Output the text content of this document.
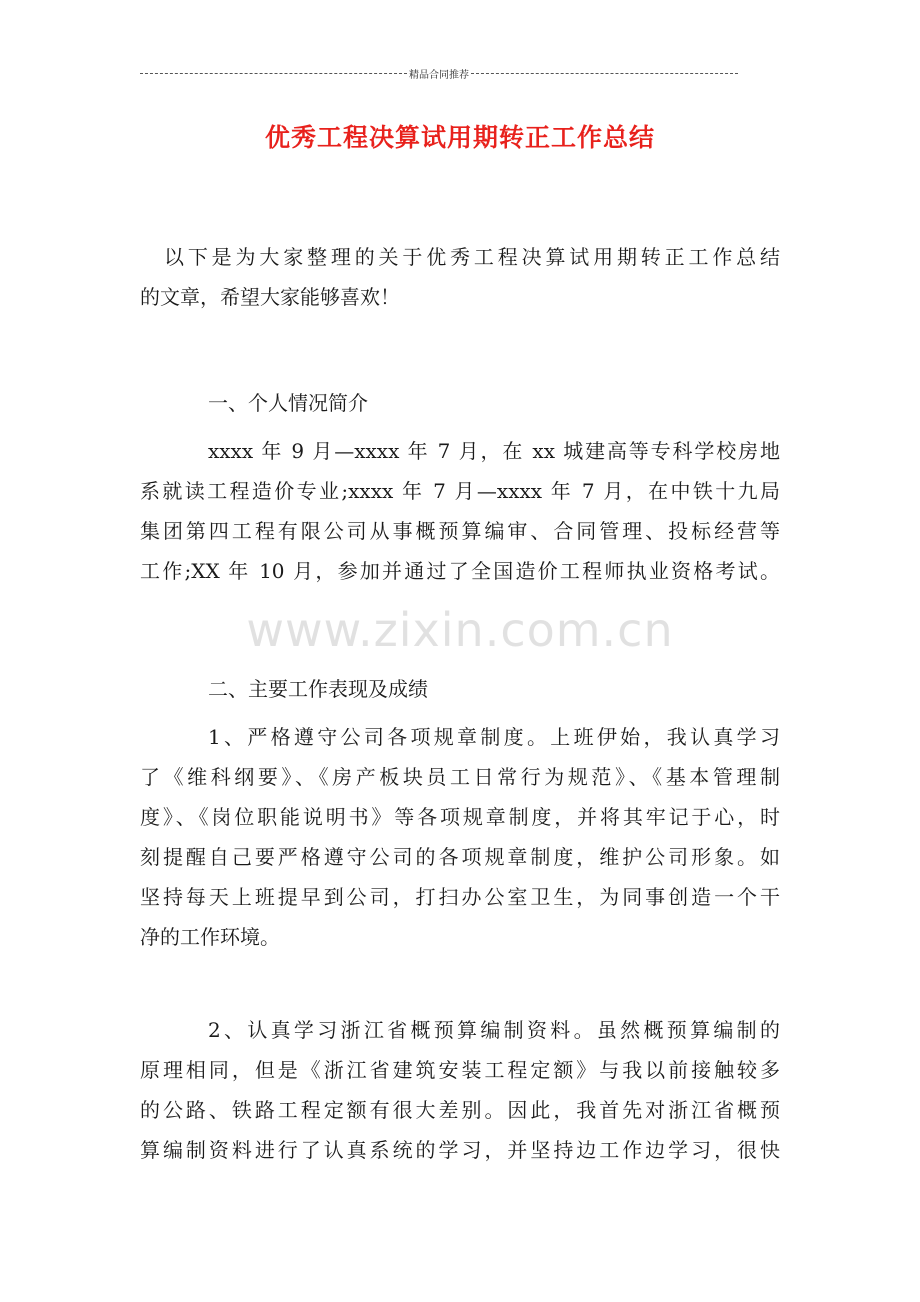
精品合同推荐
优秀工程决算试用期转正工作总结
www.zixin.com.cn
以下是为大家整理的关于优秀工程决算试用期转正工作总结
的文章，希望大家能够喜欢！
一、个人情况简介
xxxx 年 9 月—xxxx 年 7 月，在 xx 城建高等专科学校房地
系就读工程造价专业;xxxx 年 7 月—xxxx 年 7 月，在中铁十九局
集团第四工程有限公司从事概预算编审、合同管理、投标经营等
工作;XX 年 10 月，参加并通过了全国造价工程师执业资格考试。
二、主要工作表现及成绩
1、严格遵守公司各项规章制度。上班伊始，我认真学习
了《维科纲要》、《房产板块员工日常行为规范》、《基本管理制
度》、《岗位职能说明书》等各项规章制度，并将其牢记于心，时
刻提醒自己要严格遵守公司的各项规章制度，维护公司形象。如
坚持每天上班提早到公司，打扫办公室卫生，为同事创造一个干
净的工作环境。
2、认真学习浙江省概预算编制资料。虽然概预算编制的
原理相同，但是《浙江省建筑安装工程定额》与我以前接触较多
的公路、铁路工程定额有很大差别。因此，我首先对浙江省概预
算编制资料进行了认真系统的学习，并坚持边工作边学习，很快
